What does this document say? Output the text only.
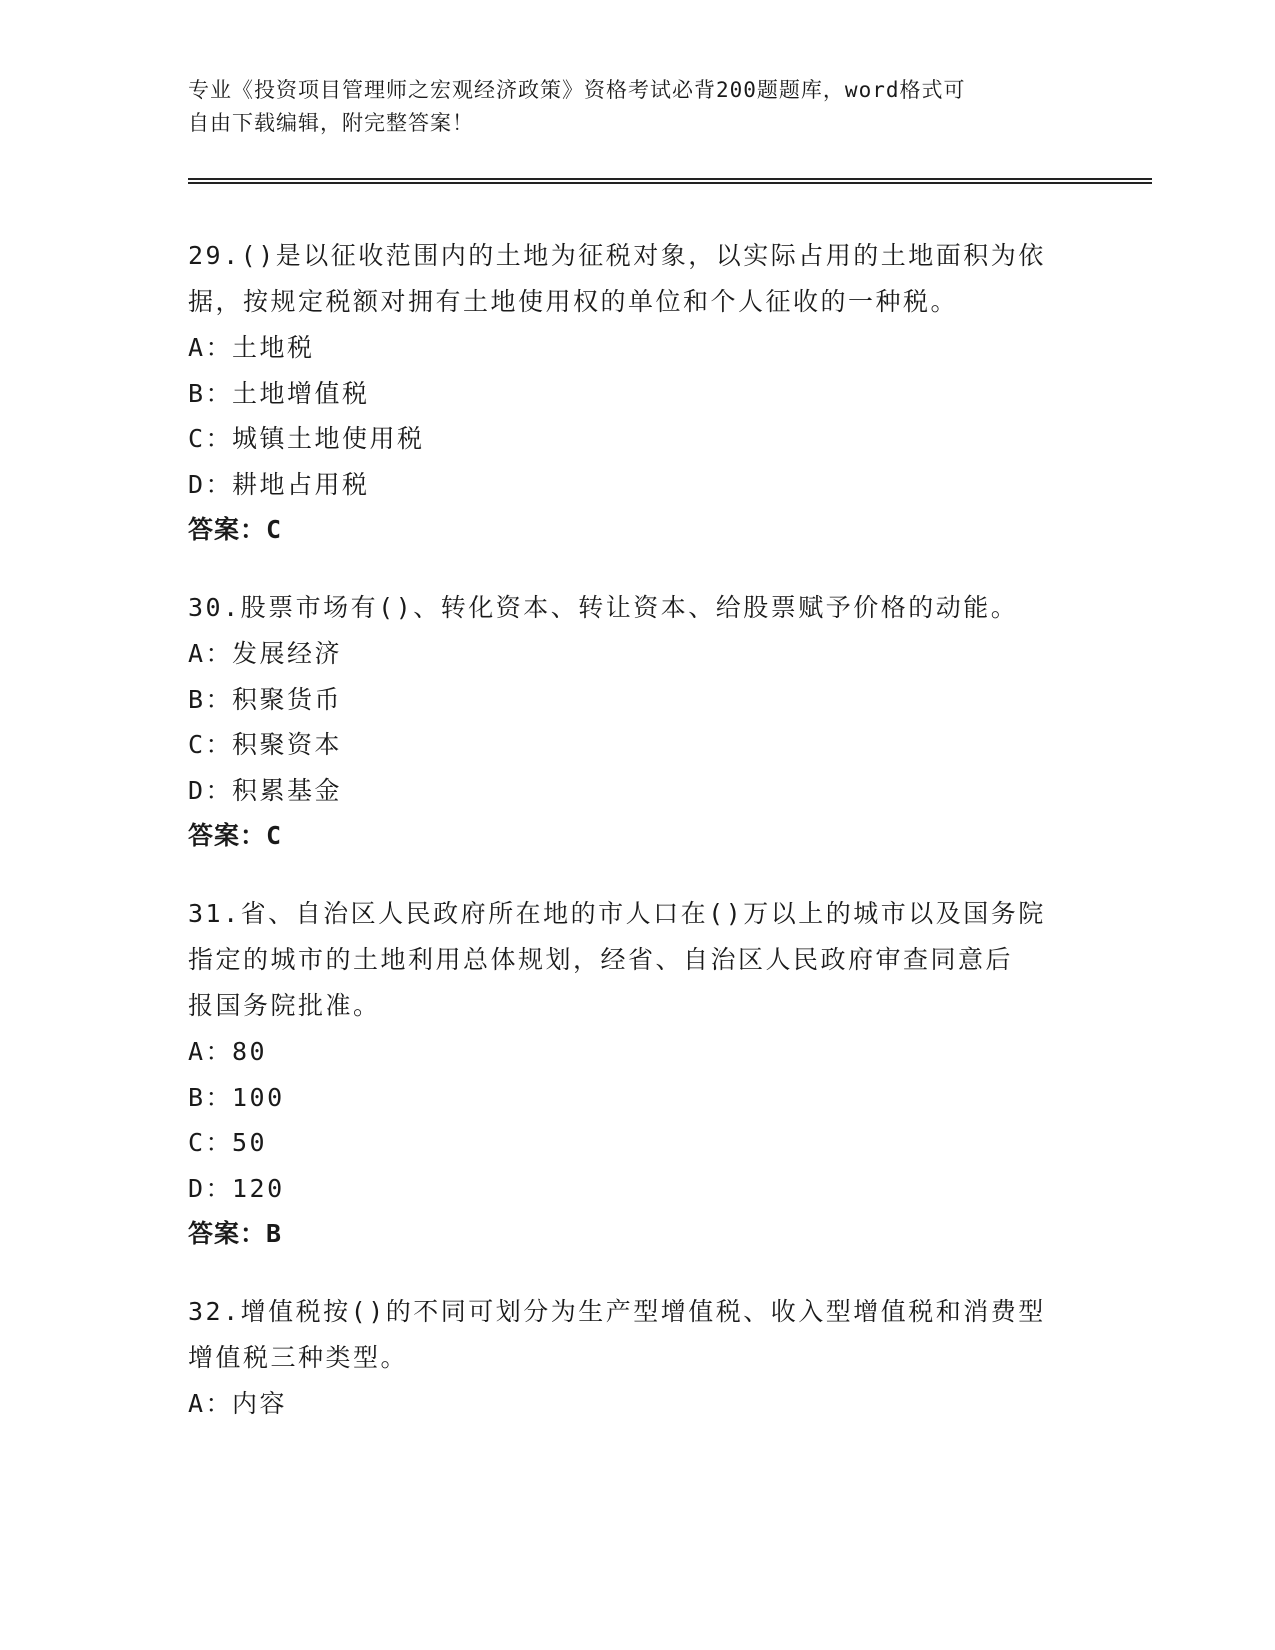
专业《投资项目管理师之宏观经济政策》资格考试必背200题题库，word格式可
自由下载编辑，附完整答案！
29.()是以征收范围内的土地为征税对象，以实际占用的土地面积为依
据，按规定税额对拥有土地使用权的单位和个人征收的一种税。
A：土地税
B：土地增值税
C：城镇土地使用税
D：耕地占用税
答案：C
30.股票市场有()、转化资本、转让资本、给股票赋予价格的动能。
A：发展经济
B：积聚货币
C：积聚资本
D：积累基金
答案：C
31.省、自治区人民政府所在地的市人口在()万以上的城市以及国务院
指定的城市的土地利用总体规划，经省、自治区人民政府审查同意后
报国务院批准。
A：80
B：100
C：50
D：120
答案：B
32.增值税按()的不同可划分为生产型增值税、收入型增值税和消费型
增值税三种类型。
A：内容
